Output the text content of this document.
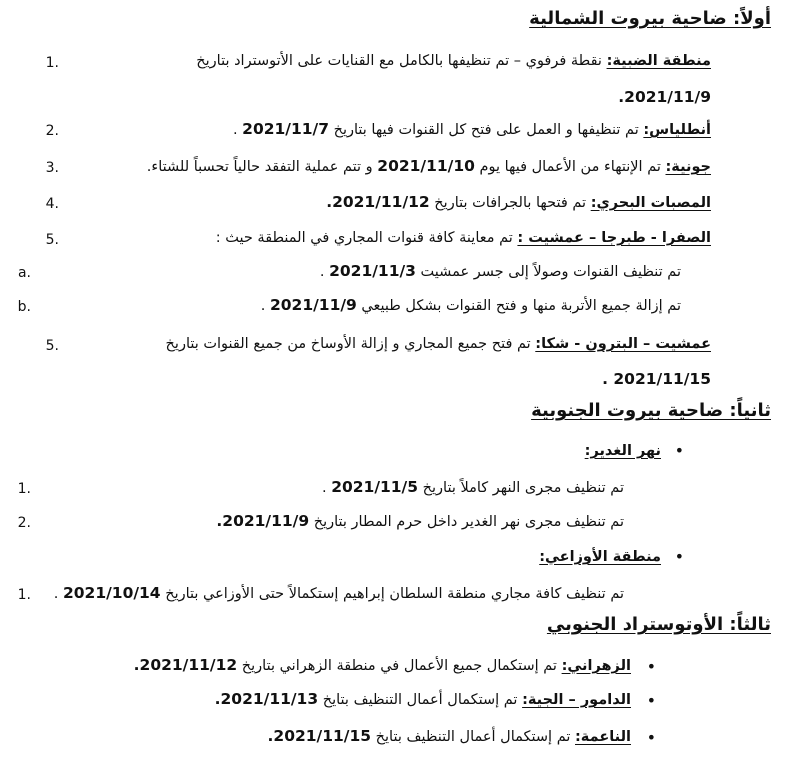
أولاً: ضاحية بيروت الشمالية
.1	منطقة الضبية: نقطة فرفوي – تم تنظيفها بالكامل مع القنايات على الأتوستراد بتاريخ
2021/11/9.
.2	أنطلياس: تم تنظيفها و العمل على فتح كل القنوات فيها بتاريخ 2021/11/7 .
.3	جونية: تم الإنتهاء من الأعمال فيها يوم 2021/11/10 و تتم عملية التفقد حالياً تحسباً للشتاء.
.4	المصبات البحري: تم فتحها بالجرافات بتاريخ 2021/11/12.
.5	الصفرا - طبرجا – عمشيت : تم معاينة كافة قنوات المجاري في المنطقة حيث :
.a	تم تنظيف القنوات وصولاً إلى جسر عمشيت 2021/11/3 .
.b	تم إزالة جميع الأتربة منها و فتح القنوات بشكل طبيعي 2021/11/9 .
.5	عمشيت – البترون - شكا: تم فتح جميع المجاري و إزالة الأوساخ من جميع القنوات بتاريخ
2021/11/15 .
ثانياً: ضاحية بيروت الجنوبية
•
نهر الغدير:
.1	تم تنظيف مجرى النهر كاملاً بتاريخ 2021/11/5 .
.2	تم تنظيف مجرى نهر الغدير داخل حرم المطار بتاريخ 2021/11/9.
•
منطقة الأوزاعي:
.1	تم تنظيف كافة مجاري منطقة السلطان إبراهيم إستكمالاً حتى الأوزاعي بتاريخ 2021/10/14 .
ثالثاً: الأوتوستراد الجنوبي
•
الزهراني: تم إستكمال جميع الأعمال في منطقة الزهراني بتاريخ 2021/11/12.
•
الدامور – الجية: تم إستكمال أعمال التنظيف بتايخ 2021/11/13.
•
الناعمة: تم إستكمال أعمال التنظيف بتايخ 2021/11/15.
